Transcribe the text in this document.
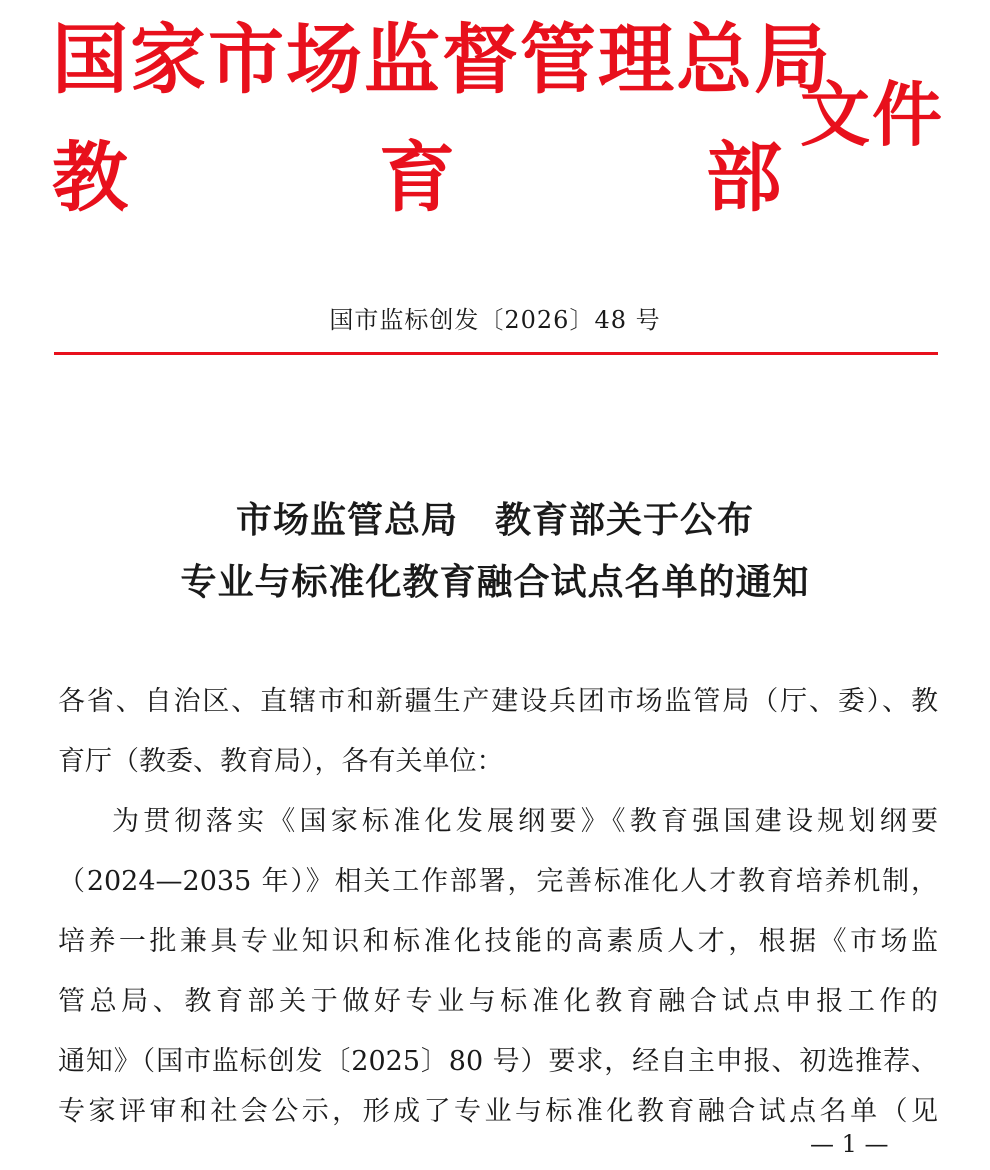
国家市场监督管理总局
教	育	部
文件
国市监标创发〔2026〕48 号
市场监管总局　教育部关于公布
专业与标准化教育融合试点名单的通知
各省、自治区、直辖市和新疆生产建设兵团市场监管局（厅、委）、教
育厅（教委、教育局），各有关单位：
为贯彻落实《国家标准化发展纲要》《教育强国建设规划纲要
（2024—2035 年）》相关工作部署，完善标准化人才教育培养机制，
培养一批兼具专业知识和标准化技能的高素质人才，根据《市场监
管总局、教育部关于做好专业与标准化教育融合试点申报工作的
通知》（国市监标创发〔2025〕80 号）要求，经自主申报、初选推荐、
专家评审和社会公示，形成了专业与标准化教育融合试点名单（见
— 1 —
